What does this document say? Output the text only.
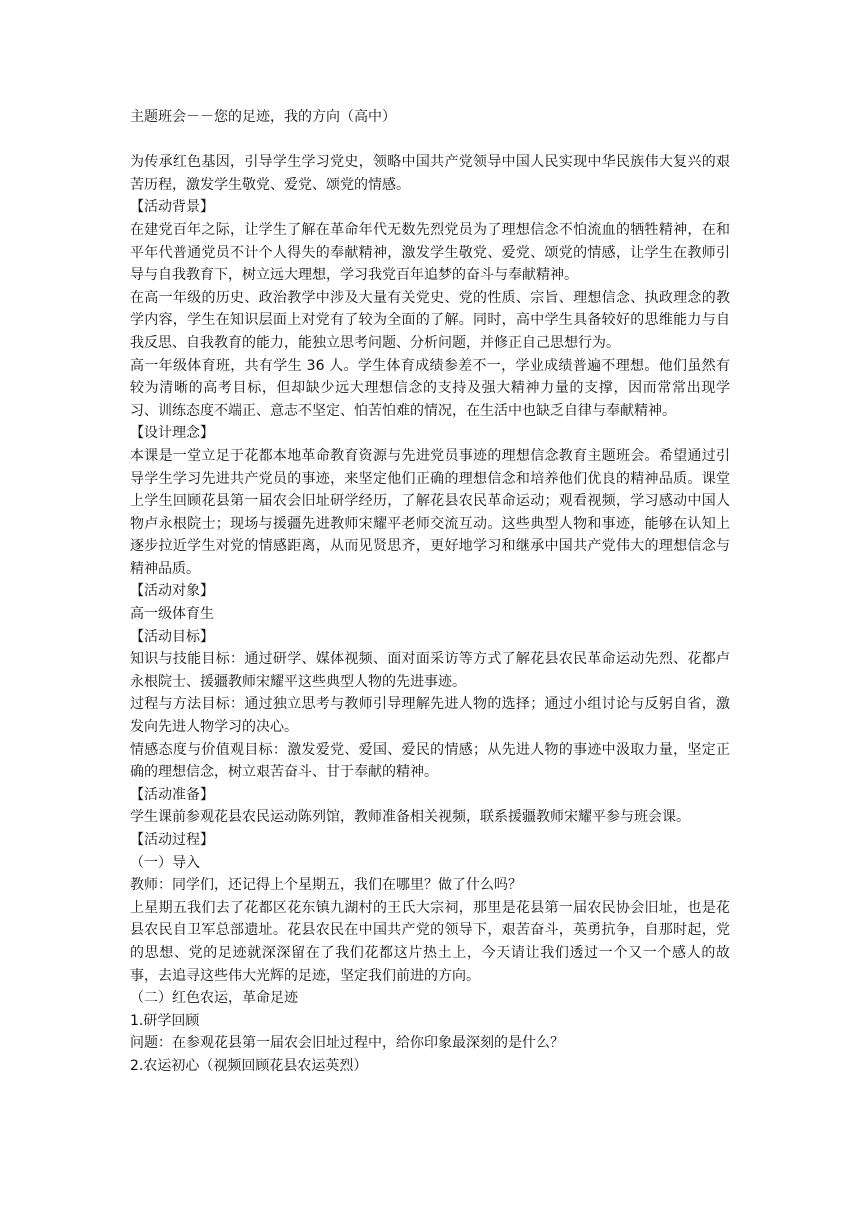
主题班会－－您的足迹，我的方向（高中）

为传承红色基因，引导学生学习党史，领略中国共产党领导中国人民实现中华民族伟大复兴的艰苦历程，激发学生敬党、爱党、颂党的情感。

【活动背景】

在建党百年之际，让学生了解在革命年代无数先烈党员为了理想信念不怕流血的牺牲精神，在和平年代普通党员不计个人得失的奉献精神，激发学生敬党、爱党、颂党的情感，让学生在教师引导与自我教育下，树立远大理想，学习我党百年追梦的奋斗与奉献精神。

在高一年级的历史、政治教学中涉及大量有关党史、党的性质、宗旨、理想信念、执政理念的教学内容，学生在知识层面上对党有了较为全面的了解。同时，高中学生具备较好的思维能力与自我反思、自我教育的能力，能独立思考问题、分析问题，并修正自己思想行为。

高一年级体育班，共有学生 36 人。学生体育成绩参差不一，学业成绩普遍不理想。他们虽然有较为清晰的高考目标，但却缺少远大理想信念的支持及强大精神力量的支撑，因而常常出现学习、训练态度不端正、意志不坚定、怕苦怕难的情况，在生活中也缺乏自律与奉献精神。

【设计理念】

本课是一堂立足于花都本地革命教育资源与先进党员事迹的理想信念教育主题班会。希望通过引导学生学习先进共产党员的事迹，来坚定他们正确的理想信念和培养他们优良的精神品质。课堂上学生回顾花县第一届农会旧址研学经历，了解花县农民革命运动；观看视频，学习感动中国人物卢永根院士；现场与援疆先进教师宋耀平老师交流互动。这些典型人物和事迹，能够在认知上逐步拉近学生对党的情感距离，从而见贤思齐，更好地学习和继承中国共产党伟大的理想信念与精神品质。

【活动对象】

高一级体育生

【活动目标】

知识与技能目标：通过研学、媒体视频、面对面采访等方式了解花县农民革命运动先烈、花都卢永根院士、援疆教师宋耀平这些典型人物的先进事迹。

过程与方法目标：通过独立思考与教师引导理解先进人物的选择；通过小组讨论与反躬自省，激发向先进人物学习的决心。

情感态度与价值观目标：激发爱党、爱国、爱民的情感；从先进人物的事迹中汲取力量，坚定正确的理想信念，树立艰苦奋斗、甘于奉献的精神。

【活动准备】

学生课前参观花县农民运动陈列馆，教师准备相关视频，联系援疆教师宋耀平参与班会课。

【活动过程】

（一）导入

教师：同学们，还记得上个星期五，我们在哪里？做了什么吗？

上星期五我们去了花都区花东镇九湖村的王氏大宗祠，那里是花县第一届农民协会旧址，也是花县农民自卫军总部遗址。花县农民在中国共产党的领导下，艰苦奋斗，英勇抗争，自那时起，党的思想、党的足迹就深深留在了我们花都这片热土上，今天请让我们透过一个又一个感人的故事，去追寻这些伟大光辉的足迹，坚定我们前进的方向。

（二）红色农运，革命足迹

1.研学回顾

问题：在参观花县第一届农会旧址过程中，给你印象最深刻的是什么？

2.农运初心（视频回顾花县农运英烈）
